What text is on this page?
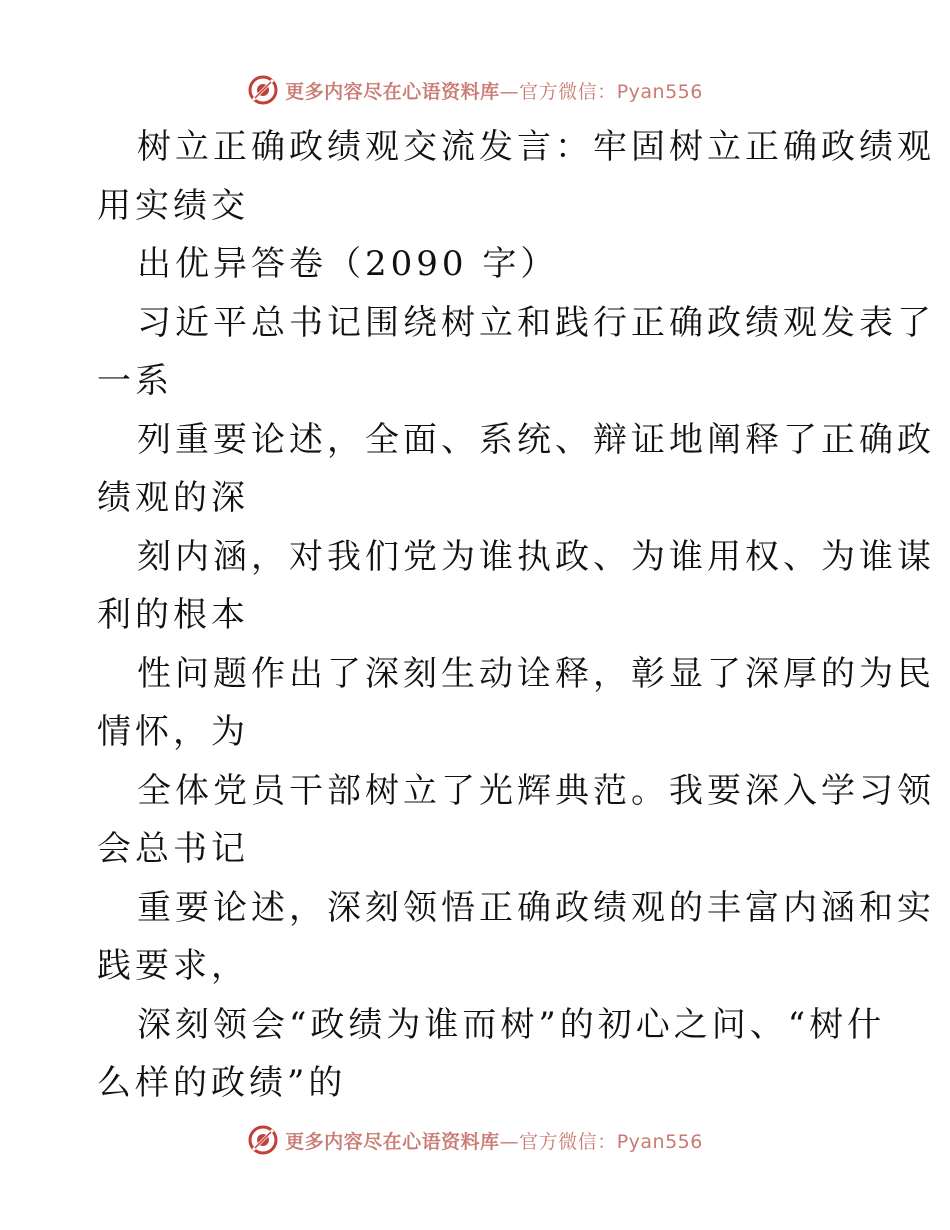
更多内容尽在心语资料库—官方微信：Pyan556
树立正确政绩观交流发言：牢固树立正确政绩观
用实绩交
出优异答卷（2090 字）
习近平总书记围绕树立和践行正确政绩观发表了
一系
列重要论述，全面、系统、辩证地阐释了正确政
绩观的深
刻内涵，对我们党为谁执政、为谁用权、为谁谋
利的根本
性问题作出了深刻生动诠释，彰显了深厚的为民
情怀，为
全体党员干部树立了光辉典范。我要深入学习领
会总书记
重要论述，深刻领悟正确政绩观的丰富内涵和实
践要求，
深刻领会“政绩为谁而树”的初心之问、“树什
么样的政绩”的
更多内容尽在心语资料库—官方微信：Pyan556
